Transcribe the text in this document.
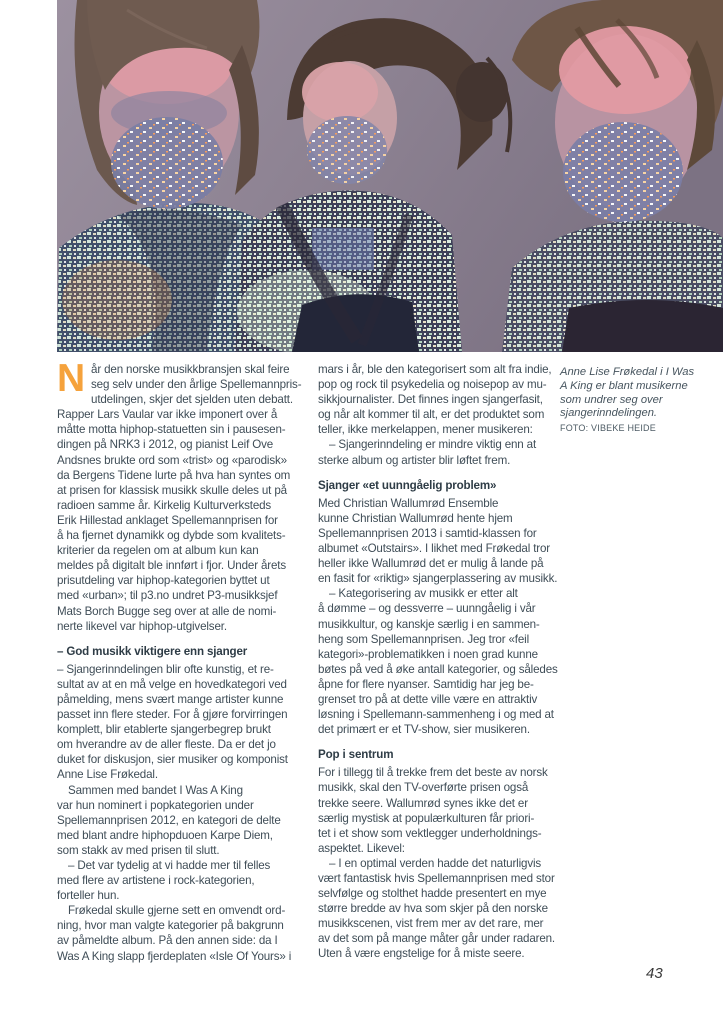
N år den norske musikkbransjen skal feire
seg selv under den årlige Spellemannpris-
utdelingen, skjer det sjelden uten debatt.
Rapper Lars Vaular var ikke imponert over å
måtte motta hiphop-statuetten sin i pausesen-
dingen på NRK3 i 2012, og pianist Leif Ove
Andsnes brukte ord som «trist» og «parodisk»
da Bergens Tidene lurte på hva han syntes om
at prisen for klassisk musikk skulle deles ut på
radioen samme år. Kirkelig Kulturverksteds
Erik Hillestad anklaget Spellemannprisen for
å ha fjernet dynamikk og dybde som kvalitets-
kriterier da regelen om at album kun kan
meldes på digitalt ble innført i fjor. Under årets
prisutdeling var hiphop-kategorien byttet ut
med «urban»; til p3.no undret P3-musikksjef
Mats Borch Bugge seg over at alle de nomi-
nerte likevel var hiphop-utgivelser.
– God musikk viktigere enn sjanger
– Sjangerinndelingen blir ofte kunstig, et re-
sultat av at en må velge en hovedkategori ved
påmelding, mens svært mange artister kunne
passet inn flere steder. For å gjøre forvirringen
komplett, blir etablerte sjangerbegrep brukt
om hverandre av de aller fleste. Da er det jo
duket for diskusjon, sier musiker og komponist
Anne Lise Frøkedal.
Sammen med bandet I Was A King
var hun nominert i popkategorien under
Spellemannprisen 2012, en kategori de delte
med blant andre hiphopduoen Karpe Diem,
som stakk av med prisen til slutt.
– Det var tydelig at vi hadde mer til felles
med flere av artistene i rock-kategorien,
forteller hun.
Frøkedal skulle gjerne sett en omvendt ord-
ning, hvor man valgte kategorier på bakgrunn
av påmeldte album. På den annen side: da I
Was A King slapp fjerdeplaten «Isle Of Yours» i
mars i år, ble den kategorisert som alt fra indie,
pop og rock til psykedelia og noisepop av mu-
sikkjournalister. Det finnes ingen sjangerfasit,
og når alt kommer til alt, er det produktet som
teller, ikke merkelappen, mener musikeren:
– Sjangerinndeling er mindre viktig enn at
sterke album og artister blir løftet frem.
Sjanger «et uunngåelig problem»
Med Christian Wallumrød Ensemble
kunne Christian Wallumrød hente hjem
Spellemannprisen 2013 i samtid-klassen for
albumet «Outstairs». I likhet med Frøkedal tror
heller ikke Wallumrød det er mulig å lande på
en fasit for «riktig» sjangerplassering av musikk.
– Kategorisering av musikk er etter alt
å dømme – og dessverre – uunngåelig i vår
musikkultur, og kanskje særlig i en sammen-
heng som Spellemannprisen. Jeg tror «feil
kategori»-problematikken i noen grad kunne
bøtes på ved å øke antall kategorier, og således
åpne for flere nyanser. Samtidig har jeg be-
grenset tro på at dette ville være en attraktiv
løsning i Spellemann-sammenheng i og med at
det primært er et TV-show, sier musikeren.
Pop i sentrum
For i tillegg til å trekke frem det beste av norsk
musikk, skal den TV-overførte prisen også
trekke seere. Wallumrød synes ikke det er
særlig mystisk at populærkulturen får priori-
tet i et show som vektlegger underholdnings-
aspektet. Likevel:
– I en optimal verden hadde det naturligvis
vært fantastisk hvis Spellemannprisen med stor
selvfølge og stolthet hadde presentert en mye
større bredde av hva som skjer på den norske
musikkscenen, vist frem mer av det rare, mer
av det som på mange måter går under radaren.
Uten å være engstelige for å miste seere.
Anne Lise Frøkedal i I Was
A King er blant musikerne
som undrer seg over
sjangerinndelingen.
FOTO: VIBEKE HEIDE
43
